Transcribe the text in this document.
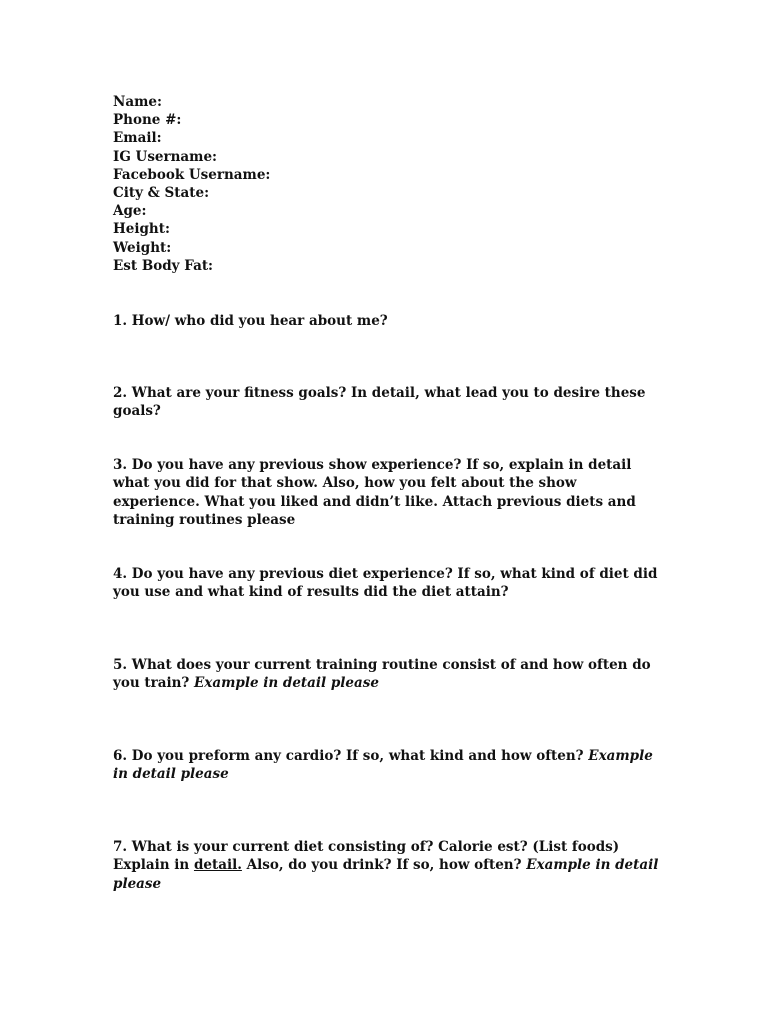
Name:
Phone #:
Email:
IG Username:
Facebook Username:
City & State:
Age:
Height:
Weight:
Est Body Fat:

1. How/ who did you hear about me?

2. What are your fitness goals? In detail, what lead you to desire these goals?

3. Do you have any previous show experience? If so, explain in detail what you did for that show. Also, how you felt about the show experience. What you liked and didn’t like. Attach previous diets and training routines please

4. Do you have any previous diet experience? If so, what kind of diet did you use and what kind of results did the diet attain?

5. What does your current training routine consist of and how often do you train? Example in detail please

6. Do you preform any cardio? If so, what kind and how often? Example in detail please

7. What is your current diet consisting of? Calorie est? (List foods) Explain in detail. Also, do you drink? If so, how often? Example in detail please
